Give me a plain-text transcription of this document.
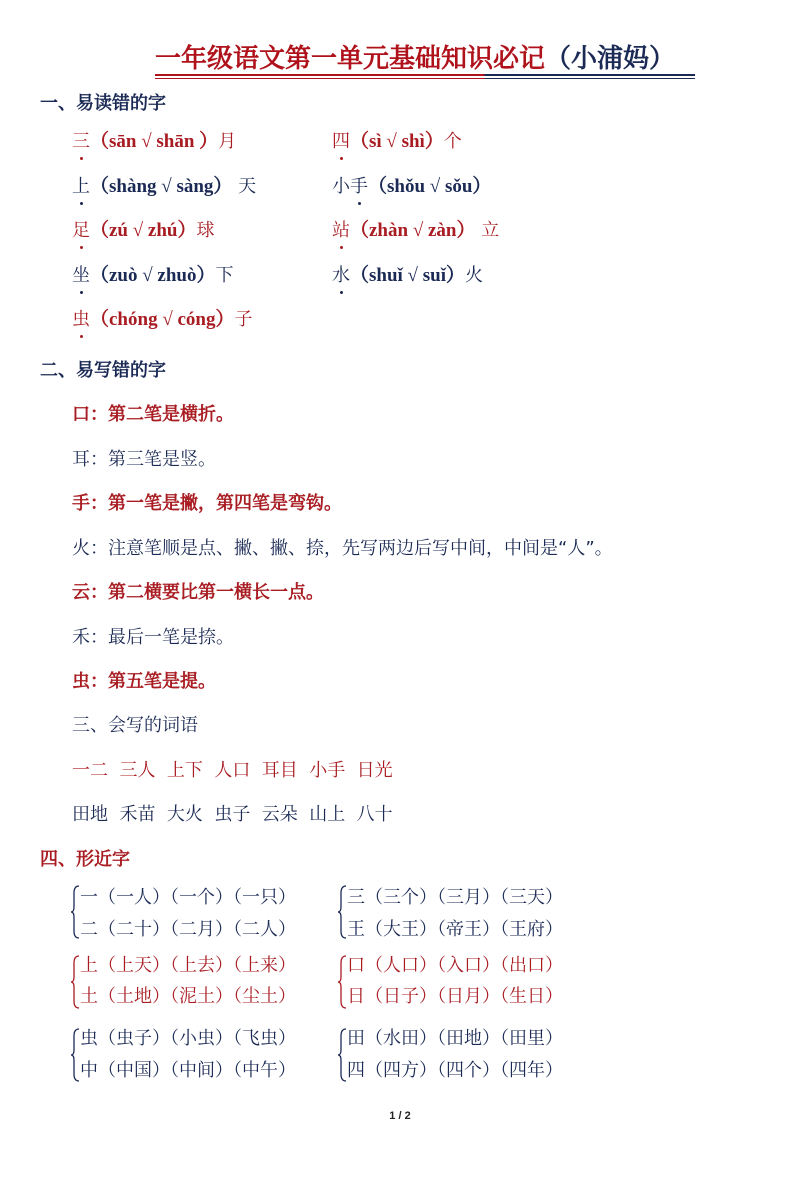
一年级语文第一单元基础知识必记（小浦妈）
一、易读错的字
三（sān √ shān ）月	四（sì √ shì）个
上（shàng √ sàng） 天	小手（shǒu √ sǒu）
足（zú √ zhú）球	站（zhàn √ zàn） 立
坐（zuò √ zhuò）下	水（shuǐ √ suǐ）火
虫（chóng √ cóng）子
二、易写错的字
口：第二笔是横折。
耳：第三笔是竖。
手：第一笔是撇，第四笔是弯钩。
火：注意笔顺是点、撇、撇、捺，先写两边后写中间，中间是“人”。
云：第二横要比第一横长一点。
禾：最后一笔是捺。
虫：第五笔是提。
三、会写的词语
一二  三人  上下  人口  耳目  小手  日光
田地  禾苗  大火  虫子  云朵  山上  八十
四、形近字
一（一人）（一个）（一只）
二（二十）（二月）（二人）
三（三个）（三月）（三天）
王（大王）（帝王）（王府）
上（上天）（上去）（上来）
土（土地）（泥土）（尘土）
口（人口）（入口）（出口）
日（日子）（日月）（生日）
虫（虫子）（小虫）（飞虫）
中（中国）（中间）（中午）
田（水田）（田地）（田里）
四（四方）（四个）（四年）
1 / 2
